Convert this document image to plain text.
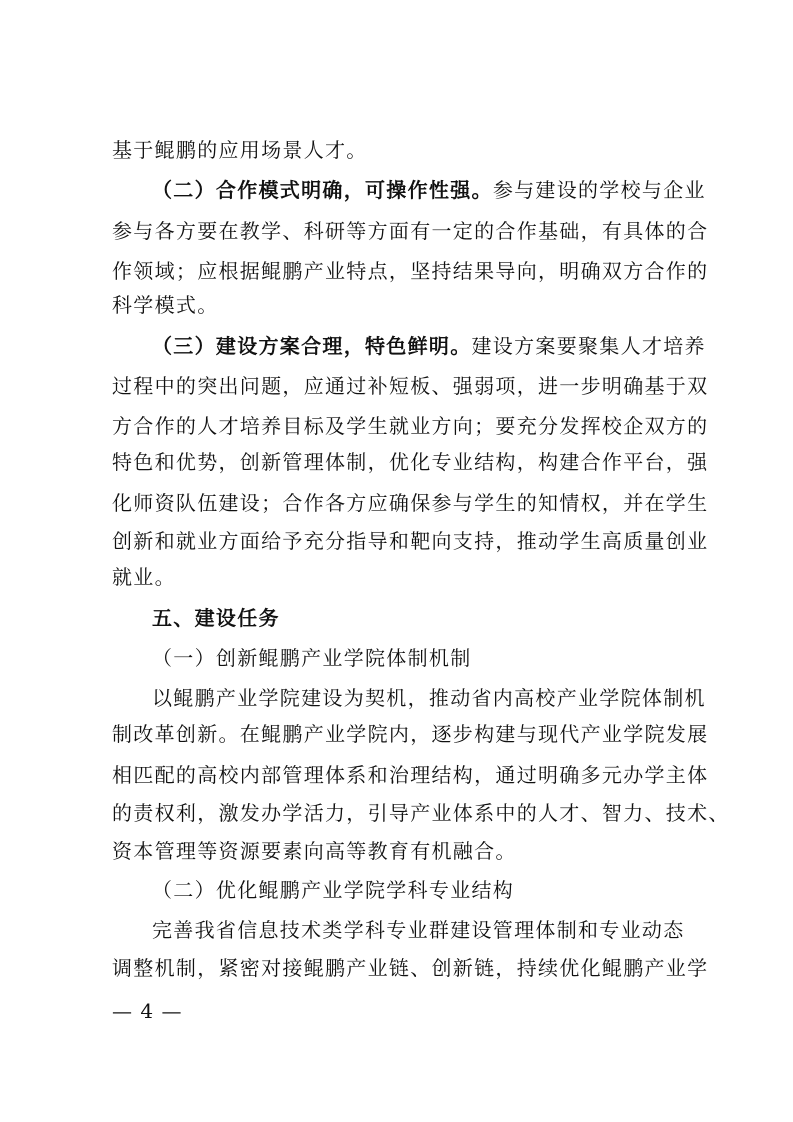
基于鲲鹏的应用场景人才。
（二）合作模式明确，可操作性强。参与建设的学校与企业
参与各方要在教学、科研等方面有一定的合作基础，有具体的合
作领域；应根据鲲鹏产业特点，坚持结果导向，明确双方合作的
科学模式。
（三）建设方案合理，特色鲜明。建设方案要聚集人才培养
过程中的突出问题，应通过补短板、强弱项，进一步明确基于双
方合作的人才培养目标及学生就业方向；要充分发挥校企双方的
特色和优势，创新管理体制，优化专业结构，构建合作平台，强
化师资队伍建设；合作各方应确保参与学生的知情权，并在学生
创新和就业方面给予充分指导和靶向支持，推动学生高质量创业
就业。
五、建设任务
（一）创新鲲鹏产业学院体制机制
以鲲鹏产业学院建设为契机，推动省内高校产业学院体制机
制改革创新。在鲲鹏产业学院内，逐步构建与现代产业学院发展
相匹配的高校内部管理体系和治理结构，通过明确多元办学主体
的责权利，激发办学活力，引导产业体系中的人才、智力、技术、
资本管理等资源要素向高等教育有机融合。
（二）优化鲲鹏产业学院学科专业结构
完善我省信息技术类学科专业群建设管理体制和专业动态
调整机制，紧密对接鲲鹏产业链、创新链，持续优化鲲鹏产业学
— 4 —
